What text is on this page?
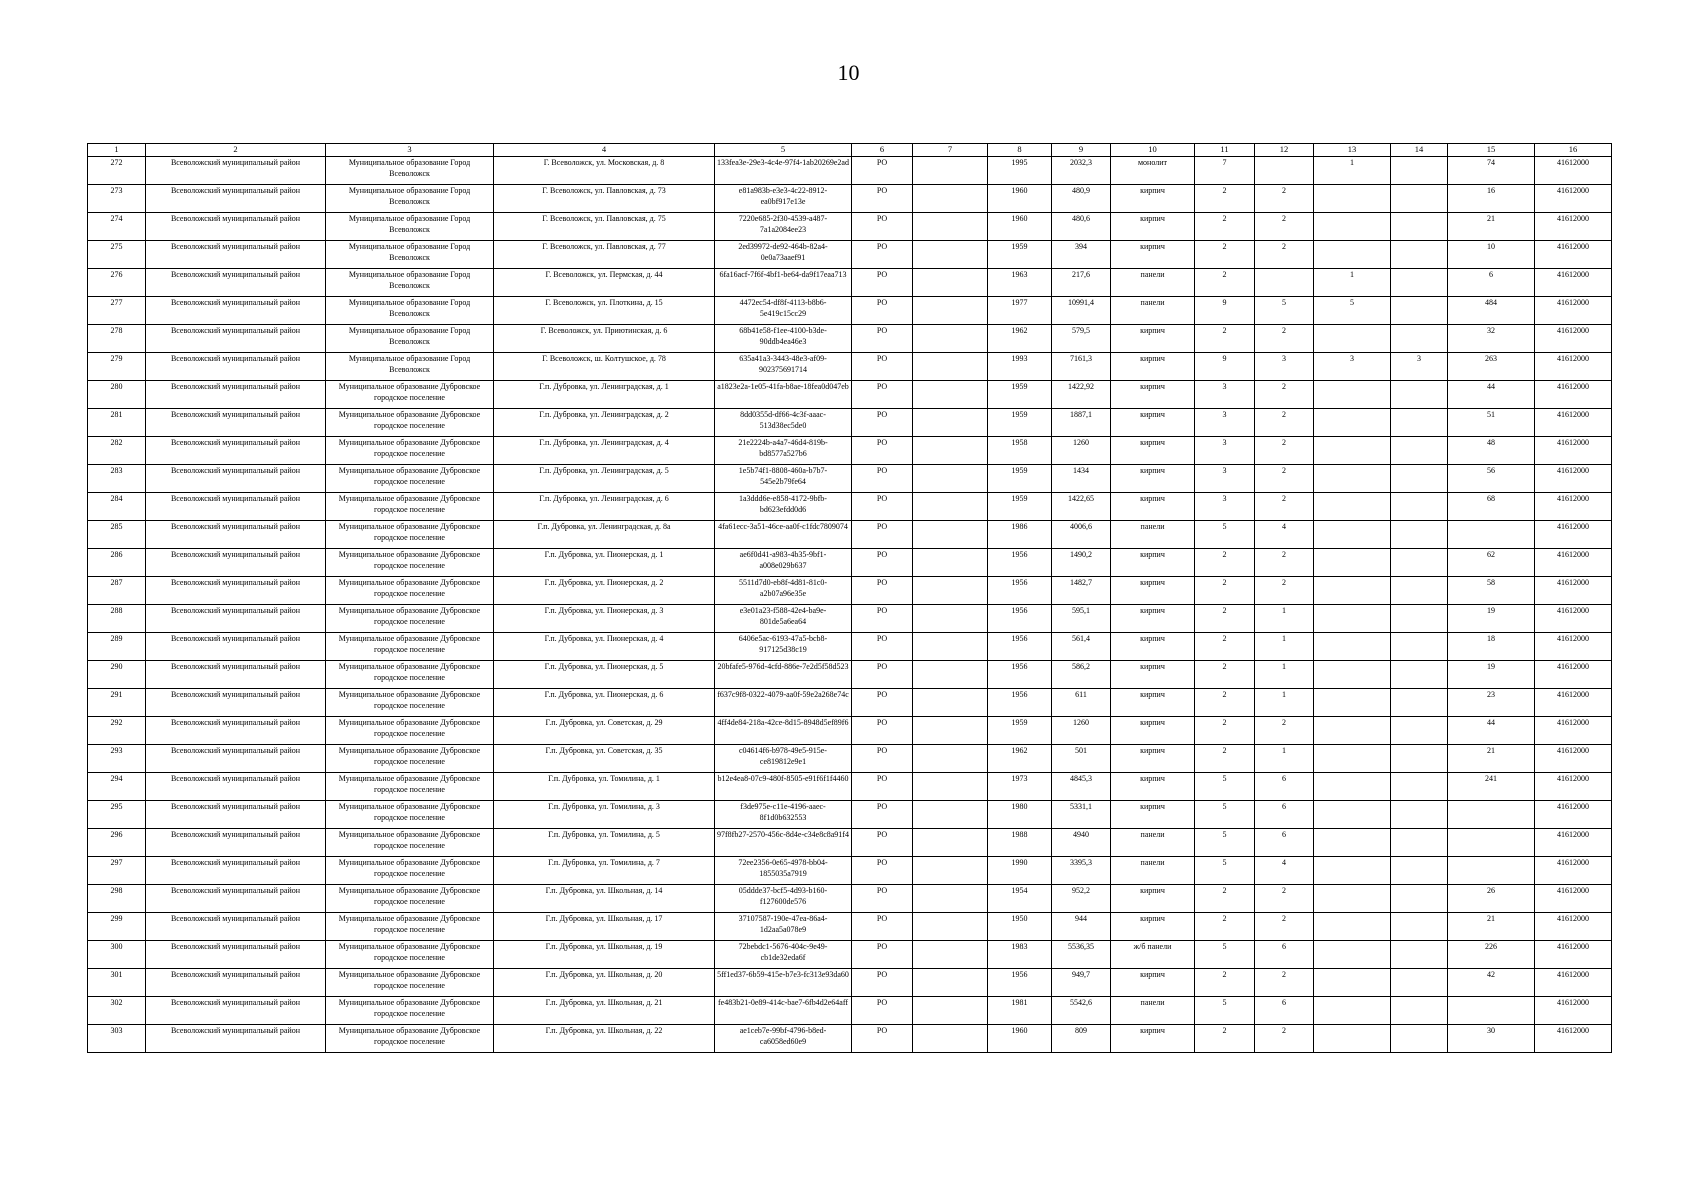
10
1	2	3	4	5	6	7	8	9	10	11	12	13	14	15	16
272	Всеволожский муниципальный район	Муниципальное образование Город Всеволожск	Г. Всеволожск, ул. Московская, д. 8	133fea3e-29e3-4c4e-97f4-1ab20269e2ad	РО		1995	2032,3	монолит	7		1		74	41612000
273	Всеволожский муниципальный район	Муниципальное образование Город Всеволожск	Г. Всеволожск, ул. Павловская, д. 73	e81a983b-e3e3-4c22-8912-ea0bf917e13e	РО		1960	480,9	кирпич	2	2			16	41612000
274	Всеволожский муниципальный район	Муниципальное образование Город Всеволожск	Г. Всеволожск, ул. Павловская, д. 75	7220e685-2f30-4539-a487-7a1a2084ee23	РО		1960	480,6	кирпич	2	2			21	41612000
275	Всеволожский муниципальный район	Муниципальное образование Город Всеволожск	Г. Всеволожск, ул. Павловская, д. 77	2ed39972-de92-464b-82a4-0e0a73aaef91	РО		1959	394	кирпич	2	2			10	41612000
276	Всеволожский муниципальный район	Муниципальное образование Город Всеволожск	Г. Всеволожск, ул. Пермская, д. 44	6fa16acf-7f6f-4bf1-be64-da9f17eaa713	РО		1963	217,6	панели	2		1		6	41612000
277	Всеволожский муниципальный район	Муниципальное образование Город Всеволожск	Г. Всеволожск, ул. Плоткина, д. 15	4472ec54-df8f-4113-b8b6-5e419c15cc29	РО		1977	10991,4	панели	9	5	5		484	41612000
278	Всеволожский муниципальный район	Муниципальное образование Город Всеволожск	Г. Всеволожск, ул. Приютинская, д. 6	68b41e58-f1ee-4100-b3de-90ddb4ea46e3	РО		1962	579,5	кирпич	2	2			32	41612000
279	Всеволожский муниципальный район	Муниципальное образование Город Всеволожск	Г. Всеволожск, ш. Колтушское, д. 78	635a41a3-3443-48e3-af09-902375691714	РО		1993	7161,3	кирпич	9	3	3	3	263	41612000
280	Всеволожский муниципальный район	Муниципальное образование Дубровское городское поселение	Г.п. Дубровка, ул. Ленинградская, д. 1	a1823e2a-1e05-41fa-b8ae-18fea0d047eb	РО		1959	1422,92	кирпич	3	2			44	41612000
281	Всеволожский муниципальный район	Муниципальное образование Дубровское городское поселение	Г.п. Дубровка, ул. Ленинградская, д. 2	8dd0355d-df66-4c3f-aaac-513d38ec5de0	РО		1959	1887,1	кирпич	3	2			51	41612000
282	Всеволожский муниципальный район	Муниципальное образование Дубровское городское поселение	Г.п. Дубровка, ул. Ленинградская, д. 4	21e2224b-a4a7-46d4-819b-bd8577a527b6	РО		1958	1260	кирпич	3	2			48	41612000
283	Всеволожский муниципальный район	Муниципальное образование Дубровское городское поселение	Г.п. Дубровка, ул. Ленинградская, д. 5	1e5b74f1-8808-460a-b7b7-545e2b79fe64	РО		1959	1434	кирпич	3	2			56	41612000
284	Всеволожский муниципальный район	Муниципальное образование Дубровское городское поселение	Г.п. Дубровка, ул. Ленинградская, д. 6	1a3ddd6e-e858-4172-9bfb-bd623efdd0d6	РО		1959	1422,65	кирпич	3	2			68	41612000
285	Всеволожский муниципальный район	Муниципальное образование Дубровское городское поселение	Г.п. Дубровка, ул. Ленинградская, д. 8а	4fa61ecc-3a51-46ce-aa0f-c1fdc7809074	РО		1986	4006,6	панели	5	4				41612000
286	Всеволожский муниципальный район	Муниципальное образование Дубровское городское поселение	Г.п. Дубровка, ул. Пионерская, д. 1	ae6f0d41-a983-4b35-9bf1-a008e029b637	РО		1956	1490,2	кирпич	2	2			62	41612000
287	Всеволожский муниципальный район	Муниципальное образование Дубровское городское поселение	Г.п. Дубровка, ул. Пионерская, д. 2	5511d7d0-eb8f-4d81-81c0-a2b07a96e35e	РО		1956	1482,7	кирпич	2	2			58	41612000
288	Всеволожский муниципальный район	Муниципальное образование Дубровское городское поселение	Г.п. Дубровка, ул. Пионерская, д. 3	e3e01a23-f588-42e4-ba9e-801de5a6ea64	РО		1956	595,1	кирпич	2	1			19	41612000
289	Всеволожский муниципальный район	Муниципальное образование Дубровское городское поселение	Г.п. Дубровка, ул. Пионерская, д. 4	6406e5ac-6193-47a5-bcb8-917125d38c19	РО		1956	561,4	кирпич	2	1			18	41612000
290	Всеволожский муниципальный район	Муниципальное образование Дубровское городское поселение	Г.п. Дубровка, ул. Пионерская, д. 5	20bfafe5-976d-4cfd-886e-7e2d5f58d523	РО		1956	586,2	кирпич	2	1			19	41612000
291	Всеволожский муниципальный район	Муниципальное образование Дубровское городское поселение	Г.п. Дубровка, ул. Пионерская, д. 6	f637c9f8-0322-4079-aa0f-59e2a268e74c	РО		1956	611	кирпич	2	1			23	41612000
292	Всеволожский муниципальный район	Муниципальное образование Дубровское городское поселение	Г.п. Дубровка, ул. Советская, д. 29	4ff4de84-218a-42ce-8d15-8948d5ef89f6	РО		1959	1260	кирпич	2	2			44	41612000
293	Всеволожский муниципальный район	Муниципальное образование Дубровское городское поселение	Г.п. Дубровка, ул. Советская, д. 35	c04614f6-b978-49e5-915e-ce819812e9e1	РО		1962	501	кирпич	2	1			21	41612000
294	Всеволожский муниципальный район	Муниципальное образование Дубровское городское поселение	Г.п. Дубровка, ул. Томилина, д. 1	b12e4ea8-07c9-480f-8505-e91f6f1f4460	РО		1973	4845,3	кирпич	5	6			241	41612000
295	Всеволожский муниципальный район	Муниципальное образование Дубровское городское поселение	Г.п. Дубровка, ул. Томилина, д. 3	f3de975e-c11e-4196-aaec-8f1d0b632553	РО		1980	5331,1	кирпич	5	6				41612000
296	Всеволожский муниципальный район	Муниципальное образование Дубровское городское поселение	Г.п. Дубровка, ул. Томилина, д. 5	97f8fb27-2570-456c-8d4e-c34e8c8a91f4	РО		1988	4940	панели	5	6				41612000
297	Всеволожский муниципальный район	Муниципальное образование Дубровское городское поселение	Г.п. Дубровка, ул. Томилина, д. 7	72ee2356-0e65-4978-bb04-1855035a7919	РО		1990	3395,3	панели	5	4				41612000
298	Всеволожский муниципальный район	Муниципальное образование Дубровское городское поселение	Г.п. Дубровка, ул. Школьная, д. 14	05ddde37-bcf5-4d93-b160-f127600de576	РО		1954	952,2	кирпич	2	2			26	41612000
299	Всеволожский муниципальный район	Муниципальное образование Дубровское городское поселение	Г.п. Дубровка, ул. Школьная, д. 17	37107587-190e-47ea-86a4-1d2aa5a078e9	РО		1950	944	кирпич	2	2			21	41612000
300	Всеволожский муниципальный район	Муниципальное образование Дубровское городское поселение	Г.п. Дубровка, ул. Школьная, д. 19	72bebdc1-5676-404c-9e49-cb1de32eda6f	РО		1983	5536,35	ж/б панели	5	6			226	41612000
301	Всеволожский муниципальный район	Муниципальное образование Дубровское городское поселение	Г.п. Дубровка, ул. Школьная, д. 20	5ff1ed37-6b59-415e-b7e3-fc313e93da60	РО		1956	949,7	кирпич	2	2			42	41612000
302	Всеволожский муниципальный район	Муниципальное образование Дубровское городское поселение	Г.п. Дубровка, ул. Школьная, д. 21	fe483b21-0e89-414c-bae7-6fb4d2e64aff	РО		1981	5542,6	панели	5	6				41612000
303	Всеволожский муниципальный район	Муниципальное образование Дубровское городское поселение	Г.п. Дубровка, ул. Школьная, д. 22	ae1ceb7e-99bf-4796-b8ed-ca6058ed60e9	РО		1960	809	кирпич	2	2			30	41612000
